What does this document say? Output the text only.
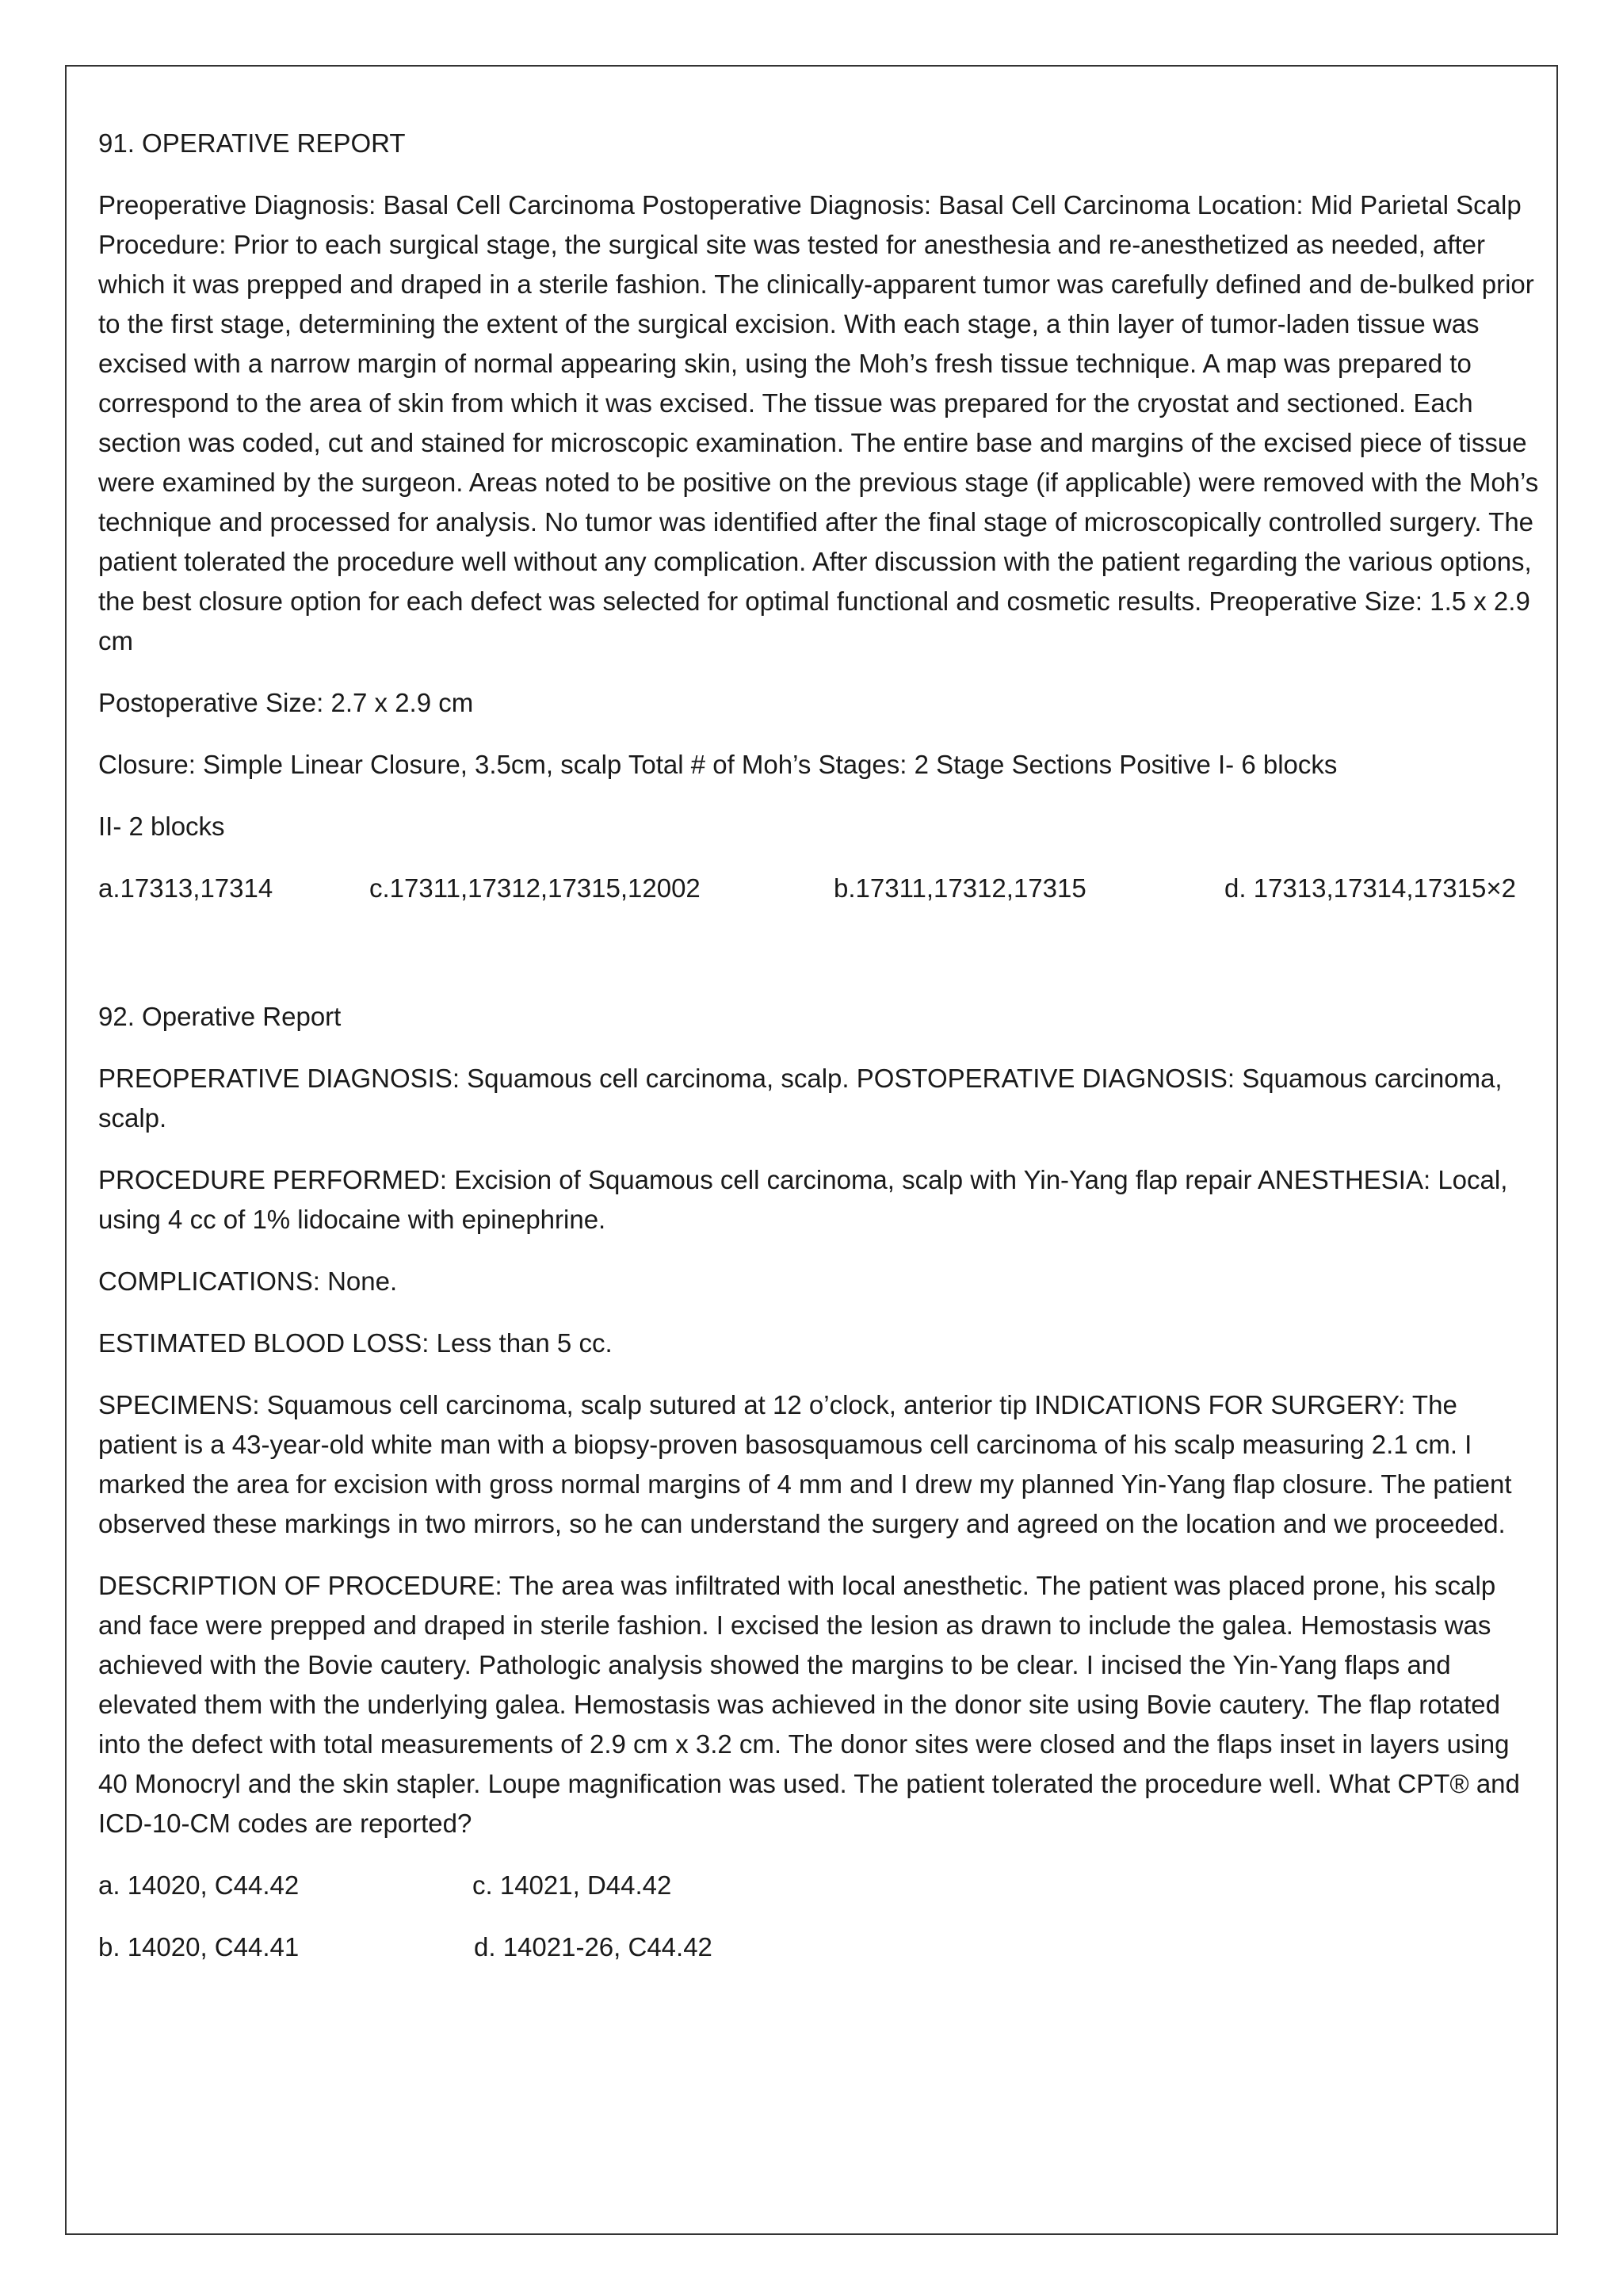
91. OPERATIVE REPORT

Preoperative Diagnosis: Basal Cell Carcinoma Postoperative Diagnosis: Basal Cell Carcinoma Location: Mid Parietal Scalp Procedure: Prior to each surgical stage, the surgical site was tested for anesthesia and re-anesthetized as needed, after which it was prepped and draped in a sterile fashion. The clinically-apparent tumor was carefully defined and de-bulked prior to the first stage, determining the extent of the surgical excision. With each stage, a thin layer of tumor-laden tissue was excised with a narrow margin of normal appearing skin, using the Moh’s fresh tissue technique. A map was prepared to correspond to the area of skin from which it was excised. The tissue was prepared for the cryostat and sectioned. Each section was coded, cut and stained for microscopic examination. The entire base and margins of the excised piece of tissue were examined by the surgeon. Areas noted to be positive on the previous stage (if applicable) were removed with the Moh’s technique and processed for analysis. No tumor was identified after the final stage of microscopically controlled surgery. The patient tolerated the procedure well without any complication. After discussion with the patient regarding the various options, the best closure option for each defect was selected for optimal functional and cosmetic results. Preoperative Size: 1.5 x 2.9 cm

Postoperative Size: 2.7 x 2.9 cm

Closure: Simple Linear Closure, 3.5cm, scalp Total # of Moh’s Stages: 2 Stage Sections Positive I- 6 blocks

II- 2 blocks

a.17313,17314	c.17311,17312,17315,12002	b.17311,17312,17315	d. 17313,17314,17315×2

92. Operative Report

PREOPERATIVE DIAGNOSIS: Squamous cell carcinoma, scalp. POSTOPERATIVE DIAGNOSIS: Squamous carcinoma, scalp.

PROCEDURE PERFORMED: Excision of Squamous cell carcinoma, scalp with Yin-Yang flap repair ANESTHESIA: Local, using 4 cc of 1% lidocaine with epinephrine.

COMPLICATIONS: None.

ESTIMATED BLOOD LOSS: Less than 5 cc.

SPECIMENS: Squamous cell carcinoma, scalp sutured at 12 o’clock, anterior tip INDICATIONS FOR SURGERY: The patient is a 43-year-old white man with a biopsy-proven basosquamous cell carcinoma of his scalp measuring 2.1 cm. I marked the area for excision with gross normal margins of 4 mm and I drew my planned Yin-Yang flap closure. The patient observed these markings in two mirrors, so he can understand the surgery and agreed on the location and we proceeded.

DESCRIPTION OF PROCEDURE: The area was infiltrated with local anesthetic. The patient was placed prone, his scalp and face were prepped and draped in sterile fashion. I excised the lesion as drawn to include the galea. Hemostasis was achieved with the Bovie cautery. Pathologic analysis showed the margins to be clear. I incised the Yin-Yang flaps and elevated them with the underlying galea. Hemostasis was achieved in the donor site using Bovie cautery. The flap rotated into the defect with total measurements of 2.9 cm x 3.2 cm. The donor sites were closed and the flaps inset in layers using 40 Monocryl and the skin stapler. Loupe magnification was used. The patient tolerated the procedure well. What CPT® and ICD-10-CM codes are reported?

a. 14020, C44.42	c. 14021, D44.42
b. 14020, C44.41	d. 14021-26, C44.42
